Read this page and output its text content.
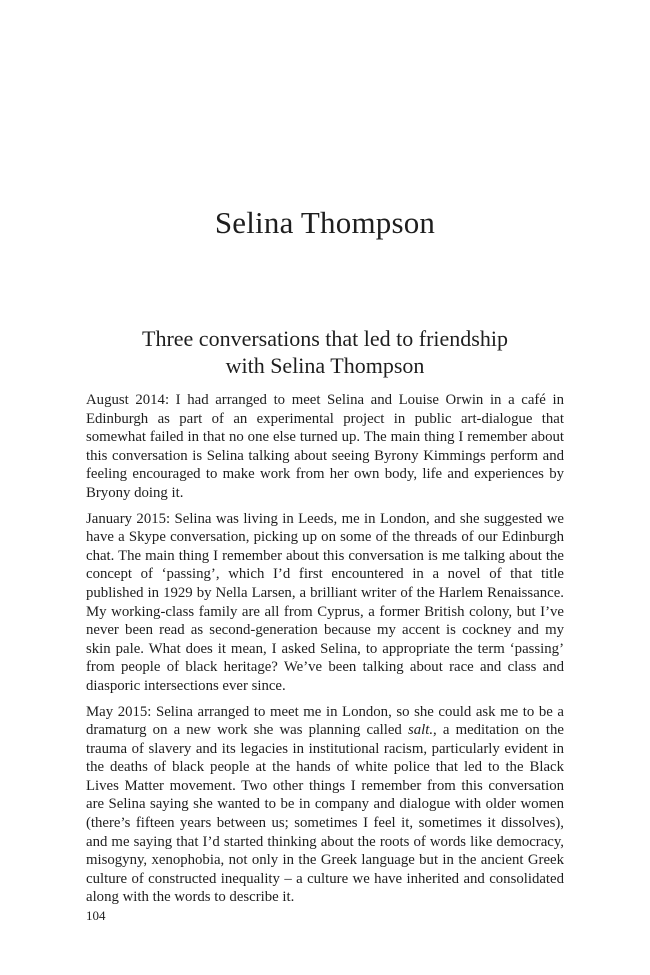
Selina Thompson
Three conversations that led to friendship
with Selina Thompson

August 2014: I had arranged to meet Selina and Louise Orwin in a café in Edinburgh as part of an experimental project in public art-dialogue that somewhat failed in that no one else turned up. The main thing I remember about this conversation is Selina talking about seeing Byrony Kimmings perform and feeling encouraged to make work from her own body, life and experiences by Bryony doing it.

January 2015: Selina was living in Leeds, me in London, and she suggested we have a Skype conversation, picking up on some of the threads of our Edinburgh chat. The main thing I remember about this conversation is me talking about the concept of ‘passing’, which I’d first encountered in a novel of that title published in 1929 by Nella Larsen, a brilliant writer of the Harlem Renaissance. My working-class family are all from Cyprus, a former British colony, but I’ve never been read as second-generation because my accent is cockney and my skin pale. What does it mean, I asked Selina, to appropriate the term ‘passing’ from people of black heritage? We’ve been talking about race and class and diasporic intersections ever since.

May 2015: Selina arranged to meet me in London, so she could ask me to be a dramaturg on a new work she was planning called salt., a meditation on the trauma of slavery and its legacies in institutional racism, particularly evident in the deaths of black people at the hands of white police that led to the Black Lives Matter movement. Two other things I remember from this conversation are Selina saying she wanted to be in company and dialogue with older women (there’s fifteen years between us; sometimes I feel it, sometimes it dissolves), and me saying that I’d started thinking about the roots of words like democracy, misogyny, xenophobia, not only in the Greek language but in the ancient Greek culture of constructed inequality – a culture we have inherited and consolidated along with the words to describe it.

104
